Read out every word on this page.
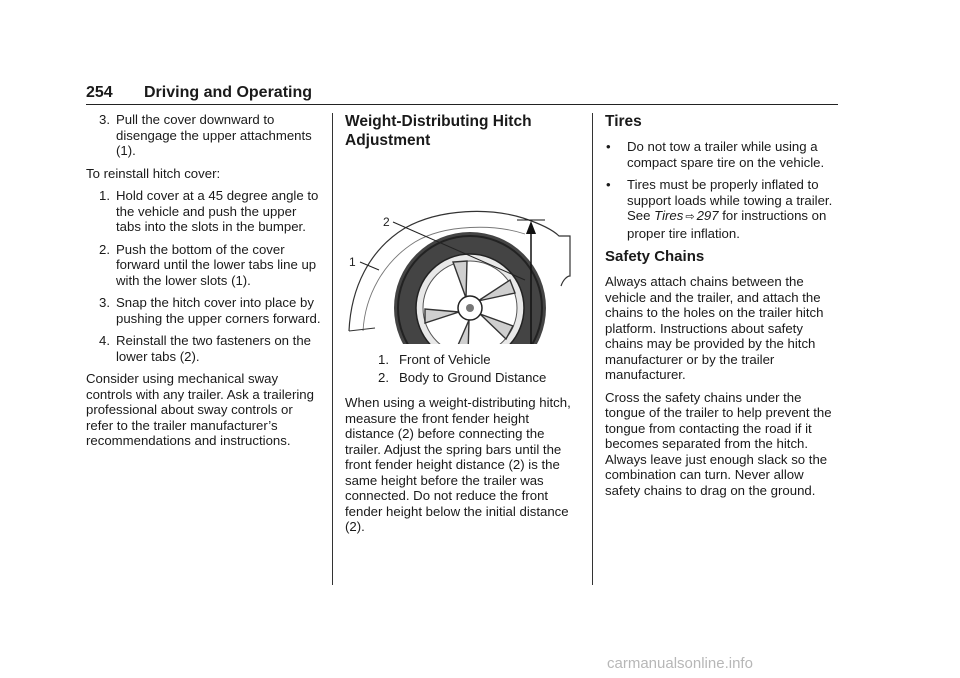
254 Driving and Operating
3. Pull the cover downward to disengage the upper attachments (1).

To reinstall hitch cover:

1. Hold cover at a 45 degree angle to the vehicle and push the upper tabs into the slots in the bumper.
2. Push the bottom of the cover forward until the lower tabs line up with the lower slots (1).
3. Snap the hitch cover into place by pushing the upper corners forward.
4. Reinstall the two fasteners on the lower tabs (2).

Consider using mechanical sway controls with any trailer. Ask a trailering professional about sway controls or refer to the trailer manufacturer’s recommendations and instructions.

Weight-Distributing Hitch Adjustment
2
1
1. Front of Vehicle
2. Body to Ground Distance

When using a weight-distributing hitch, measure the front fender height distance (2) before connecting the trailer. Adjust the spring bars until the front fender height distance (2) is the same height before the trailer was connected. Do not reduce the front fender height below the initial distance (2).

Tires
• Do not tow a trailer while using a compact spare tire on the vehicle.
• Tires must be properly inflated to support loads while towing a trailer. See Tires ⇨ 297 for instructions on proper tire inflation.
Safety Chains

Always attach chains between the vehicle and the trailer, and attach the chains to the holes on the trailer hitch platform. Instructions about safety chains may be provided by the hitch manufacturer or by the trailer manufacturer.

Cross the safety chains under the tongue of the trailer to help prevent the tongue from contacting the road if it becomes separated from the hitch. Always leave just enough slack so the combination can turn. Never allow safety chains to drag on the ground.

carmanualsonline.info
